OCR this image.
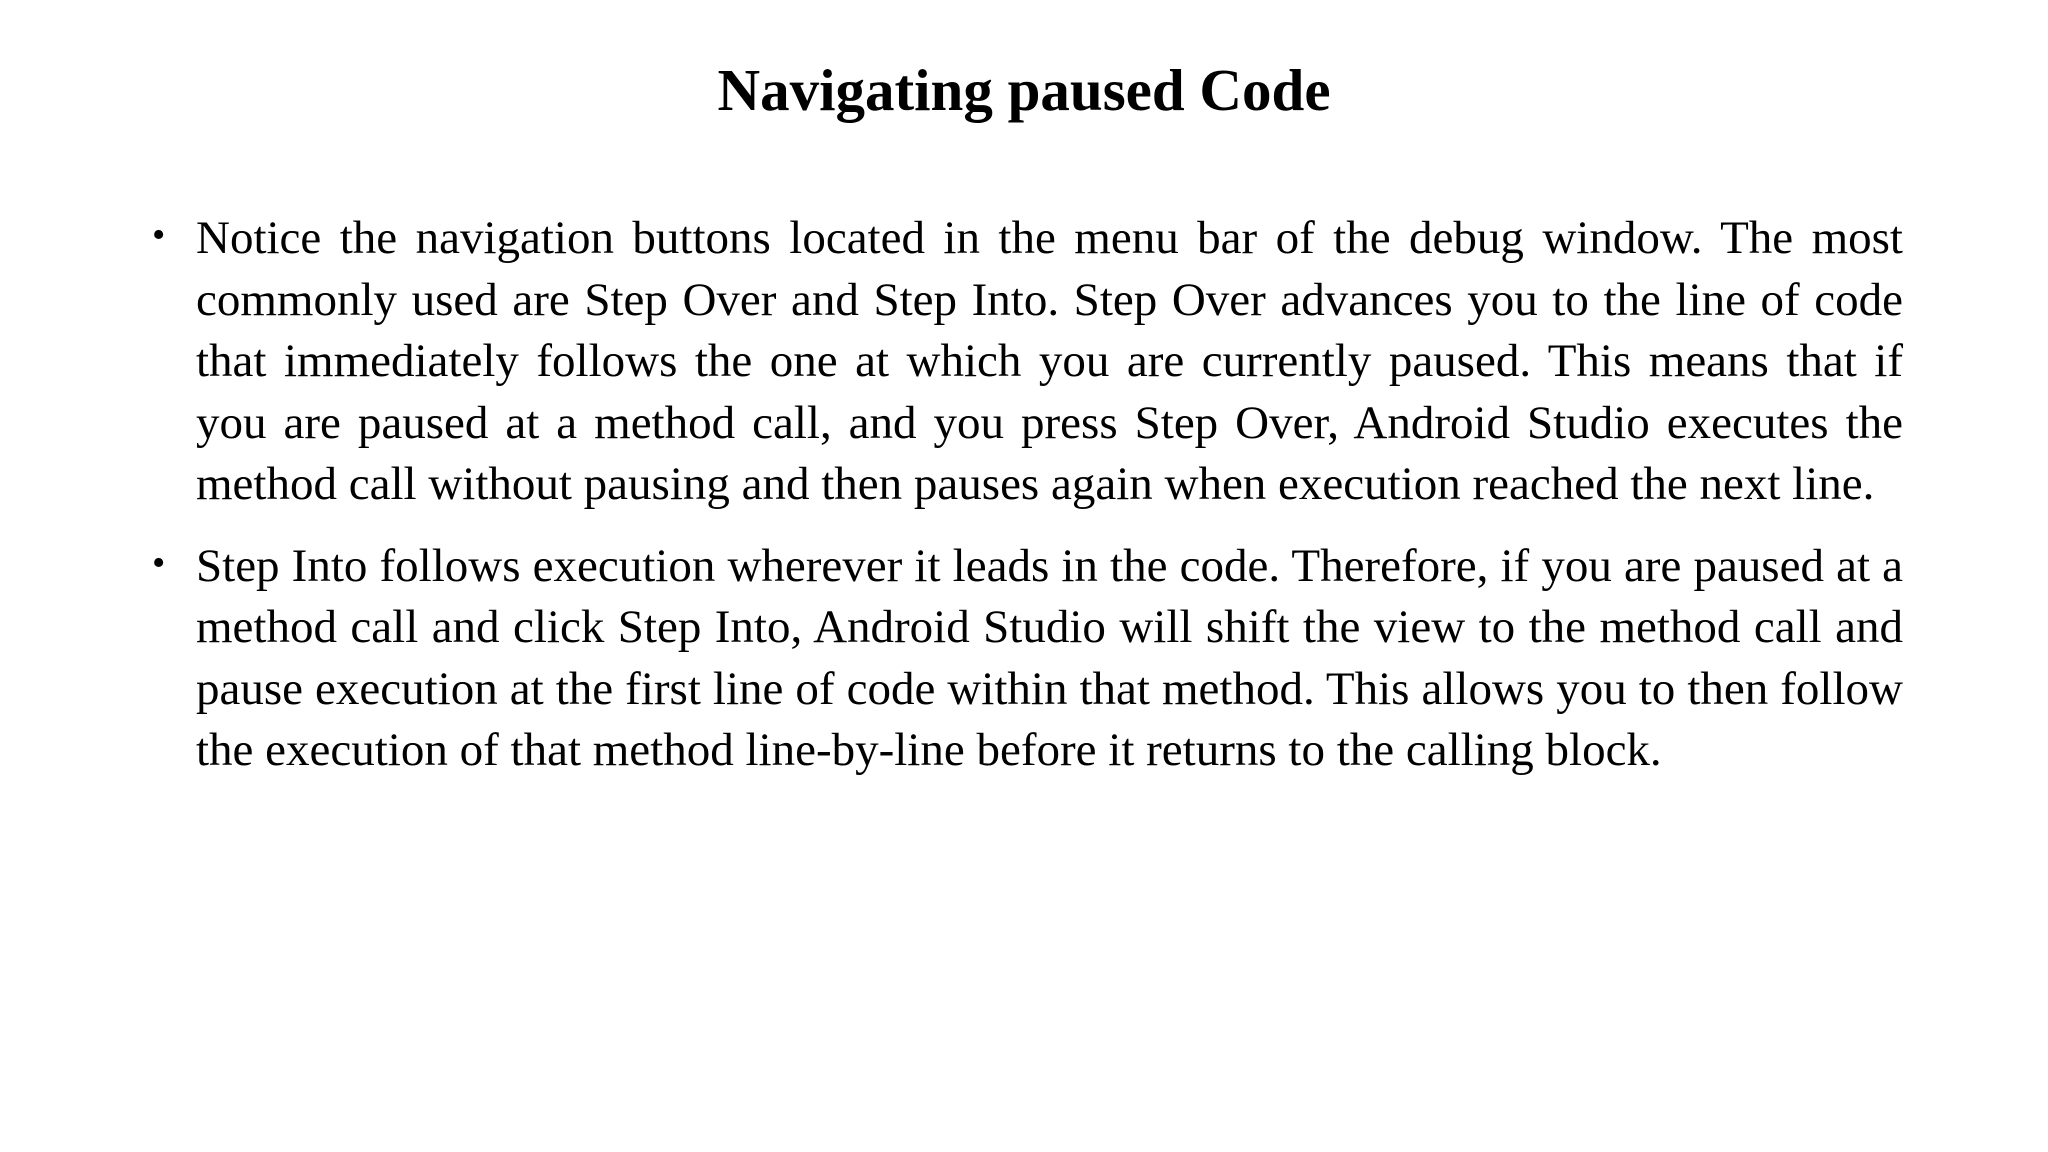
Navigating paused Code
• Notice the navigation buttons located in the menu bar of the debug window. The most commonly used are Step Over and Step Into. Step Over advances you to the line of code that immediately follows the one at which you are currently paused. This means that if you are paused at a method call, and you press Step Over, Android Studio executes the method call without pausing and then pauses again when execution reached the next line.
• Step Into follows execution wherever it leads in the code. Therefore, if you are paused at a method call and click Step Into, Android Studio will shift the view to the method call and pause execution at the first line of code within that method. This allows you to then follow the execution of that method line-by-line before it returns to the calling block.
